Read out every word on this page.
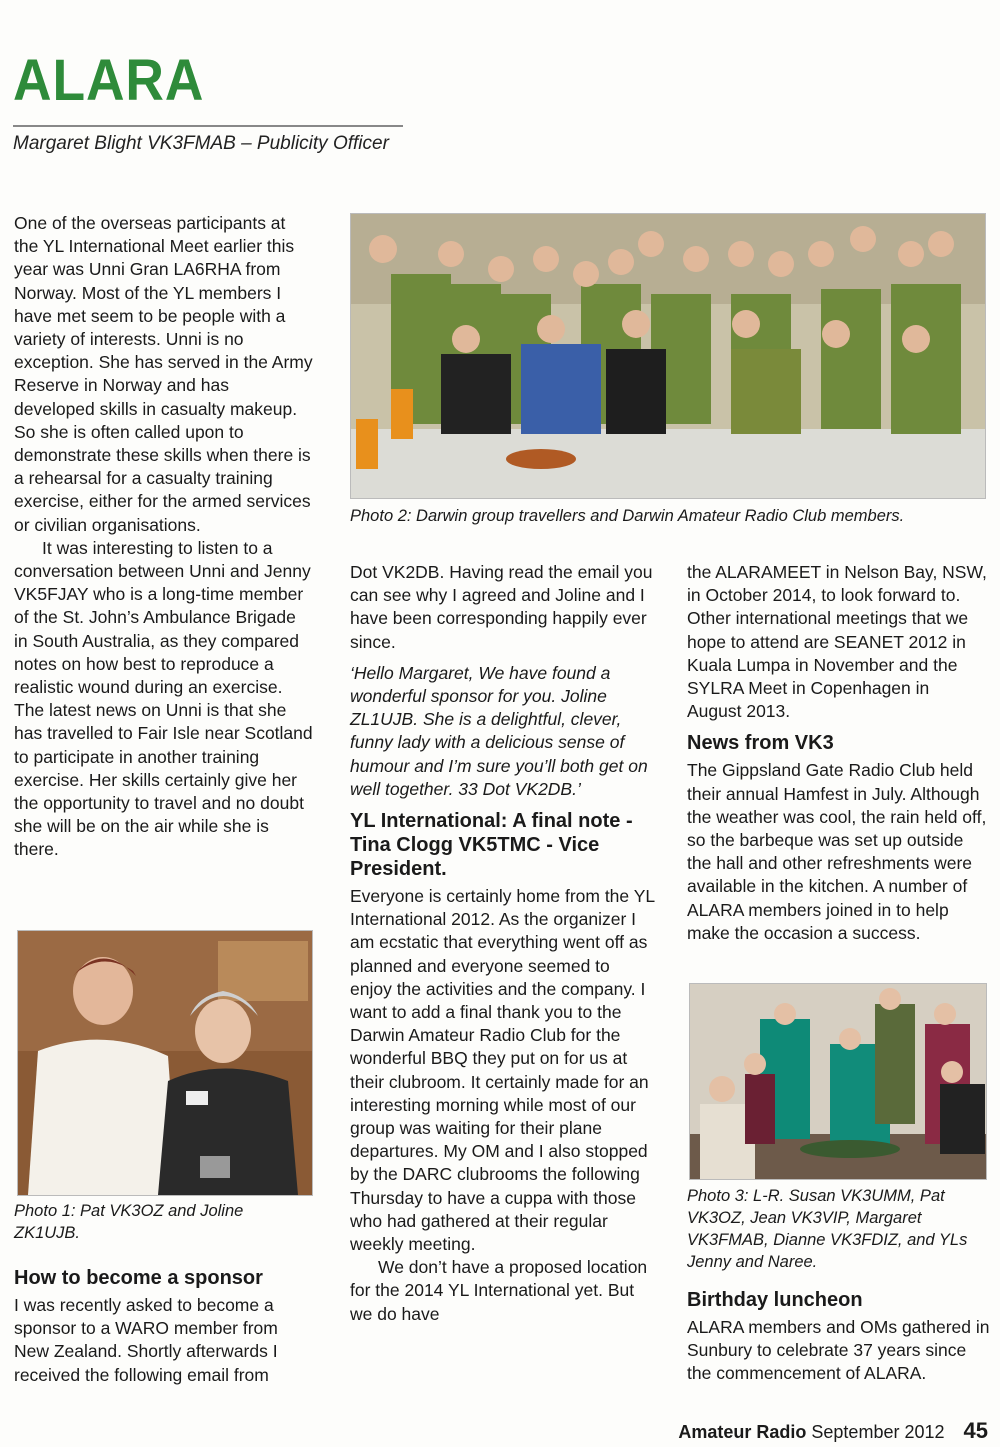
ALARA
Margaret Blight VK3FMAB – Publicity Officer

One of the overseas participants at the YL International Meet earlier this year was Unni Gran LA6RHA from Norway. Most of the YL members I have met seem to be people with a variety of interests. Unni is no exception. She has served in the Army Reserve in Norway and has developed skills in casualty makeup. So she is often called upon to demonstrate these skills when there is a rehearsal for a casualty training exercise, either for the armed services or civilian organisations.

It was interesting to listen to a conversation between Unni and Jenny VK5FJAY who is a long-time member of the St. John’s Ambulance Brigade in South Australia, as they compared notes on how best to reproduce a realistic wound during an exercise. The latest news on Unni is that she has travelled to Fair Isle near Scotland to participate in another training exercise. Her skills certainly give her the opportunity to travel and no doubt she will be on the air while she is there.

Photo 1: Pat VK3OZ and Joline ZK1UJB.
How to become a sponsor

I was recently asked to become a sponsor to a WARO member from New Zealand. Shortly afterwards I received the following email from

Photo 2: Darwin group travellers and Darwin Amateur Radio Club members.

Dot VK2DB. Having read the email you can see why I agreed and Joline and I have been corresponding happily ever since.

‘Hello Margaret, We have found a wonderful sponsor for you. Joline ZL1UJB. She is a delightful, clever, funny lady with a delicious sense of humour and I’m sure you’ll both get on well together. 33 Dot VK2DB.’

YL International: A final note - Tina Clogg VK5TMC - Vice President.

Everyone is certainly home from the YL International 2012. As the organizer I am ecstatic that everything went off as planned and everyone seemed to enjoy the activities and the company. I want to add a final thank you to the Darwin Amateur Radio Club for the wonderful BBQ they put on for us at their clubroom. It certainly made for an interesting morning while most of our group was waiting for their plane departures. My OM and I also stopped by the DARC clubrooms the following Thursday to have a cuppa with those who had gathered at their regular weekly meeting.

We don’t have a proposed location for the 2014 YL International yet. But we do have

the ALARAMEET in Nelson Bay, NSW, in October 2014, to look forward to. Other international meetings that we hope to attend are SEANET 2012 in Kuala Lumpa in November and the SYLRA Meet in Copenhagen in August 2013.

News from VK3

The Gippsland Gate Radio Club held their annual Hamfest in July. Although the weather was cool, the rain held off, so the barbeque was set up outside the hall and other refreshments were available in the kitchen. A number of ALARA members joined in to help make the occasion a success.

Photo 3: L-R. Susan VK3UMM, Pat VK3OZ, Jean VK3VIP, Margaret VK3FMAB, Dianne VK3FDIZ, and YLs Jenny and Naree.
Birthday luncheon

ALARA members and OMs gathered in Sunbury to celebrate 37 years since the commencement of ALARA.

Amateur Radio September 2012 45
